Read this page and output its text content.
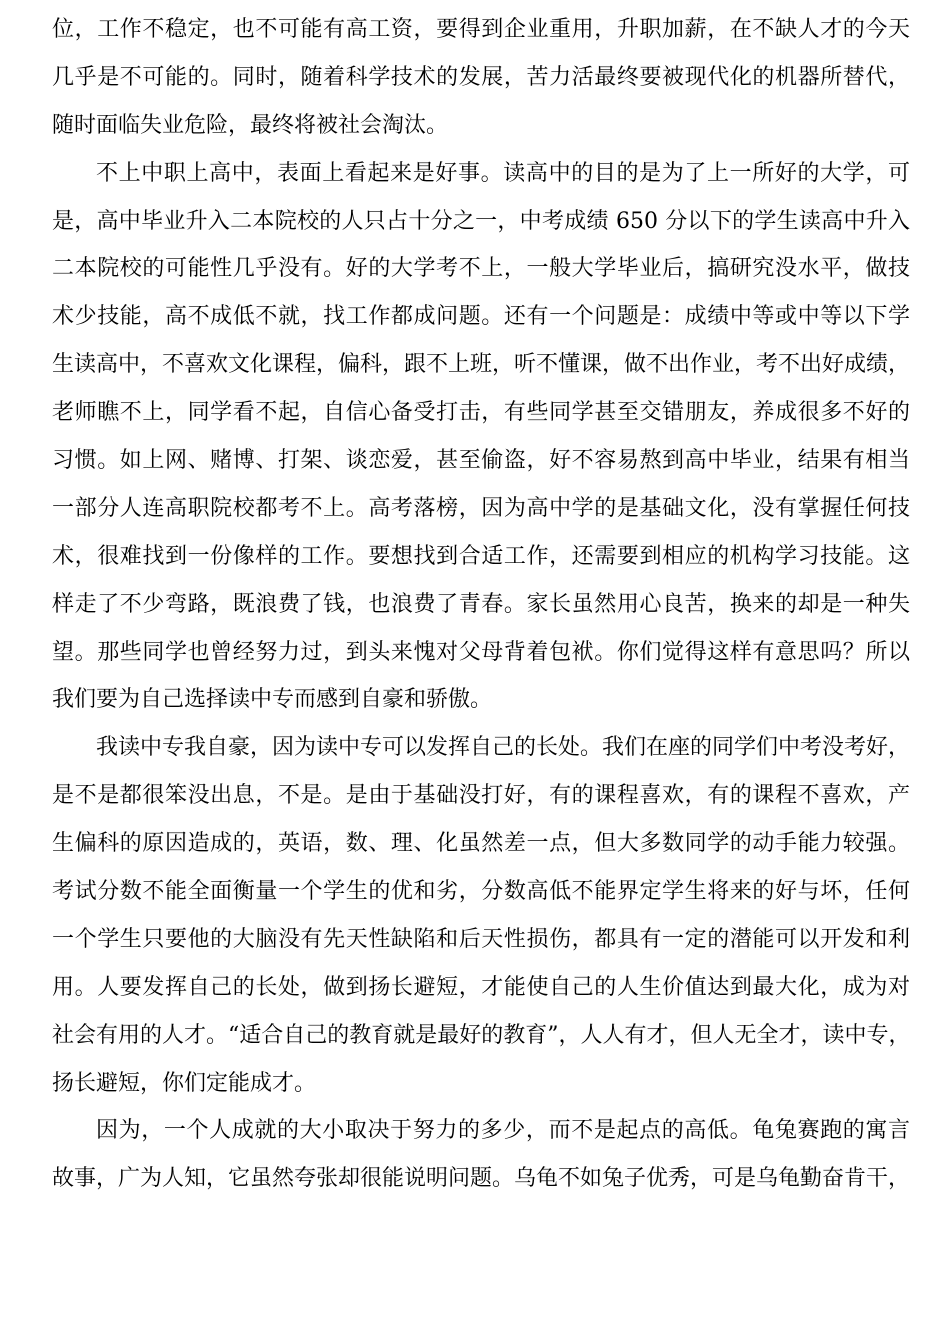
位，工作不稳定，也不可能有高工资，要得到企业重用，升职加薪，在不缺人才的今天
几乎是不可能的。同时，随着科学技术的发展，苦力活最终要被现代化的机器所替代，
随时面临失业危险，最终将被社会淘汰。
不上中职上高中，表面上看起来是好事。读高中的目的是为了上一所好的大学，可
是，高中毕业升入二本院校的人只占十分之一，中考成绩 650 分以下的学生读高中升入
二本院校的可能性几乎没有。好的大学考不上，一般大学毕业后，搞研究没水平，做技
术少技能，高不成低不就，找工作都成问题。还有一个问题是：成绩中等或中等以下学
生读高中，不喜欢文化课程，偏科，跟不上班，听不懂课，做不出作业，考不出好成绩，
老师瞧不上，同学看不起，自信心备受打击，有些同学甚至交错朋友，养成很多不好的
习惯。如上网、赌博、打架、谈恋爱，甚至偷盗，好不容易熬到高中毕业，结果有相当
一部分人连高职院校都考不上。高考落榜，因为高中学的是基础文化，没有掌握任何技
术，很难找到一份像样的工作。要想找到合适工作，还需要到相应的机构学习技能。这
样走了不少弯路，既浪费了钱，也浪费了青春。家长虽然用心良苦，换来的却是一种失
望。那些同学也曾经努力过，到头来愧对父母背着包袱。你们觉得这样有意思吗？所以
我们要为自己选择读中专而感到自豪和骄傲。
我读中专我自豪，因为读中专可以发挥自己的长处。我们在座的同学们中考没考好，
是不是都很笨没出息，不是。是由于基础没打好，有的课程喜欢，有的课程不喜欢，产
生偏科的原因造成的，英语，数、理、化虽然差一点，但大多数同学的动手能力较强。
考试分数不能全面衡量一个学生的优和劣，分数高低不能界定学生将来的好与坏，任何
一个学生只要他的大脑没有先天性缺陷和后天性损伤，都具有一定的潜能可以开发和利
用。人要发挥自己的长处，做到扬长避短，才能使自己的人生价值达到最大化，成为对
社会有用的人才。“适合自己的教育就是最好的教育”，人人有才，但人无全才，读中专，
扬长避短，你们定能成才。
因为，一个人成就的大小取决于努力的多少，而不是起点的高低。龟兔赛跑的寓言
故事，广为人知，它虽然夸张却很能说明问题。乌龟不如兔子优秀，可是乌龟勤奋肯干，
